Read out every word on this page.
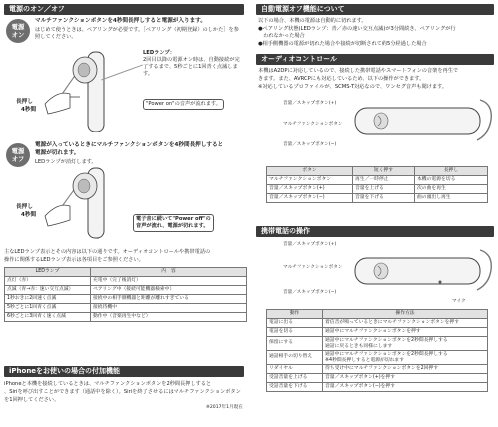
電源のオン／オフ
電源
オン
マルチファンクションボタンを4秒間長押しすると電源が入ります。
はじめて使うときは、ペアリングが必要です。［ペアリング（初期登録）のしかた］を参
照してください。
LEDランプ：
2回目以降の電源オン時は、自動接続が完
了するまで、5秒ごとに1回青く点滅します。
"Power on"の音声が流れます。
長押し
4秒間
電源
オフ
電源が入っているときにマルチファンクションボタンを4秒間長押しすると
電源が切れます。
LEDランプが消灯します。
長押し
4秒間
電子音に続いて"Power off"の
音声が流れ、電源が切れます。
主なLEDランプ表示とその内容は以下の通りです。オーディオコントロールや携帯電話の
操作に関係するLEDランプ表示は各項目をご参照ください。
LEDランプ	内　容
点灯（赤）	充電中（完了後消灯）
点滅（青→赤：速い交互点滅）	ペアリング中（接続可能機器検索中）
1秒おきに2回速く点滅	接続中の相手側機器と距離が離れすぎている
5秒ごとに1回青く点滅	接続待機中
6秒ごとに3回青く速く点滅	動作中（音楽再生中など）
iPhoneをお使いの場合の付加機能
iPhoneと本機を接続しているときは、マルチファンクションボタンを2秒間長押しすると
、Siriを呼び出すことができます（通話中を除く）。Siriを終了させるにはマルチファンクションボタン
を1回押してください。
※2017年1月現在
自動電源オフ機能について
以下の場合、本機の電源は自動的に切れます。
●ペアリング状態(LEDランプ：青／赤の速い交互点滅)が3分間続き、ペアリングが行
　われなかった場合
●相手側機器の電源が切れた場合や接続が切断されて約5分経過した場合
オーディオコントロール
本機はA2DPに対応しているので、接続した携帯電話やスマートフォンの音楽を再生で
きます。また、AVRCPにも対応しているため、以下の操作ができます。
※対応しているプロファイルが、SCMS-T対応なので、ワンセグ音声も聞けます。
音量／スキップボタン(+)
マルチファンクションボタン
音量／スキップボタン(−)
ボタン	短く押す	長押し
マルチファンクションボタン	再生／一時停止	本機の電源を切る
音量／スキップボタン(+)	音量を上げる	次の曲を再生
音量／スキップボタン(−)	音量を下げる	曲の頭出し再生
携帯電話の操作
音量／スキップボタン(+)
マルチファンクションボタン
音量／スキップボタン(−)
マイク
動作	操作方法
電話に出る	着信音が鳴っているときにマルチファンクションボタンを押す
電話を切る	通話中にマルチファンクションボタンを押す
保留にする	通話中にマルチファンクションボタンを2秒間長押しする
通話に戻るときも同様にします

通話相手の切り替え	通話中にマルチファンクションボタンを2秒間長押しする
※4秒間長押しすると電源が切れます

リダイヤル	待ち受け中にマルチファンクションボタンを2回押す
受話音量を上げる	音量／スキップボタン(+)を押す
受話音量を下げる	音量／スキップボタン(−)を押す
